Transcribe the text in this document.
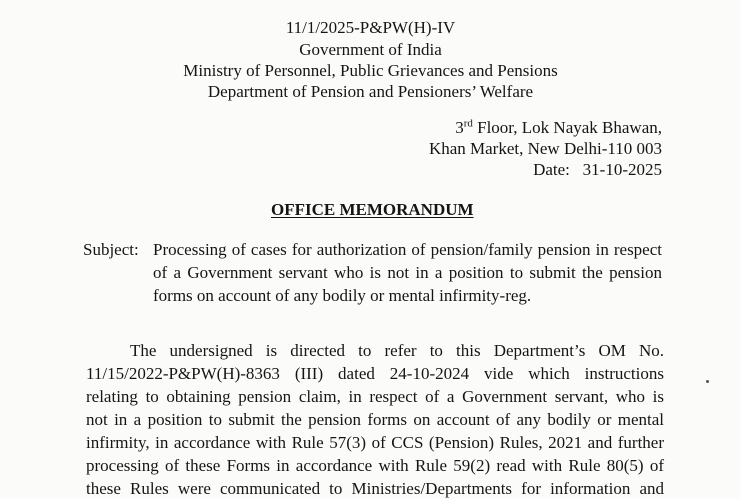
11/1/2025-P&PW(H)-IV
Government of India
Ministry of Personnel, Public Grievances and Pensions
Department of Pension and Pensioners’ Welfare
3rd Floor, Lok Nayak Bhawan,
Khan Market, New Delhi-110 003
Date: 31-10-2025
OFFICE MEMORANDUM
Subject: Processing of cases for authorization of pension/family pension in respect
of a Government servant who is not in a position to submit the pension
forms on account of any bodily or mental infirmity-reg.
The undersigned is directed to refer to this Department’s OM No.
11/15/2022-P&PW(H)-8363 (III) dated 24-10-2024 vide which instructions
relating to obtaining pension claim, in respect of a Government servant, who is
not in a position to submit the pension forms on account of any bodily or mental
infirmity, in accordance with Rule 57(3) of CCS (Pension) Rules, 2021 and further
processing of these Forms in accordance with Rule 59(2) read with Rule 80(5) of
these Rules were communicated to Ministries/Departments for information and
